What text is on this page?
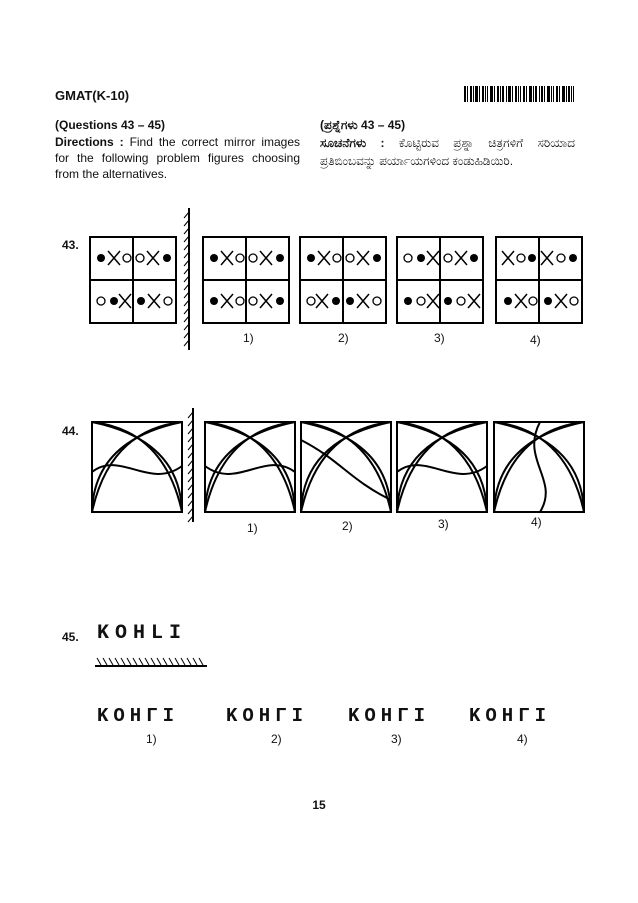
GMAT(K-10)
(Questions 43 – 45)
Directions : Find the correct mirror images for the following problem figures choosing from the alternatives.
(ಪ್ರಶ್ನೆಗಳು 43 – 45)
ಸೂಚನೆಗಳು : ಕೊಟ್ಟಿರುವ ಪ್ರಶ್ನಾ ಚಿತ್ರಗಳಿಗೆ ಸರಿಯಾದ ಪ್ರತಿಬಿಂಬವನ್ನು ಪರ್ಯಾಯಗಳಿಂದ ಕಂಡುಹಿಡಿಯಿರಿ.
43.
1)	2)	3)	4)
44.
1)	2)	3)	4)
45. KOHLI
KOHΓI KOHΓI KOHΓI KOHΓI
1)	2)	3)	4)
15
